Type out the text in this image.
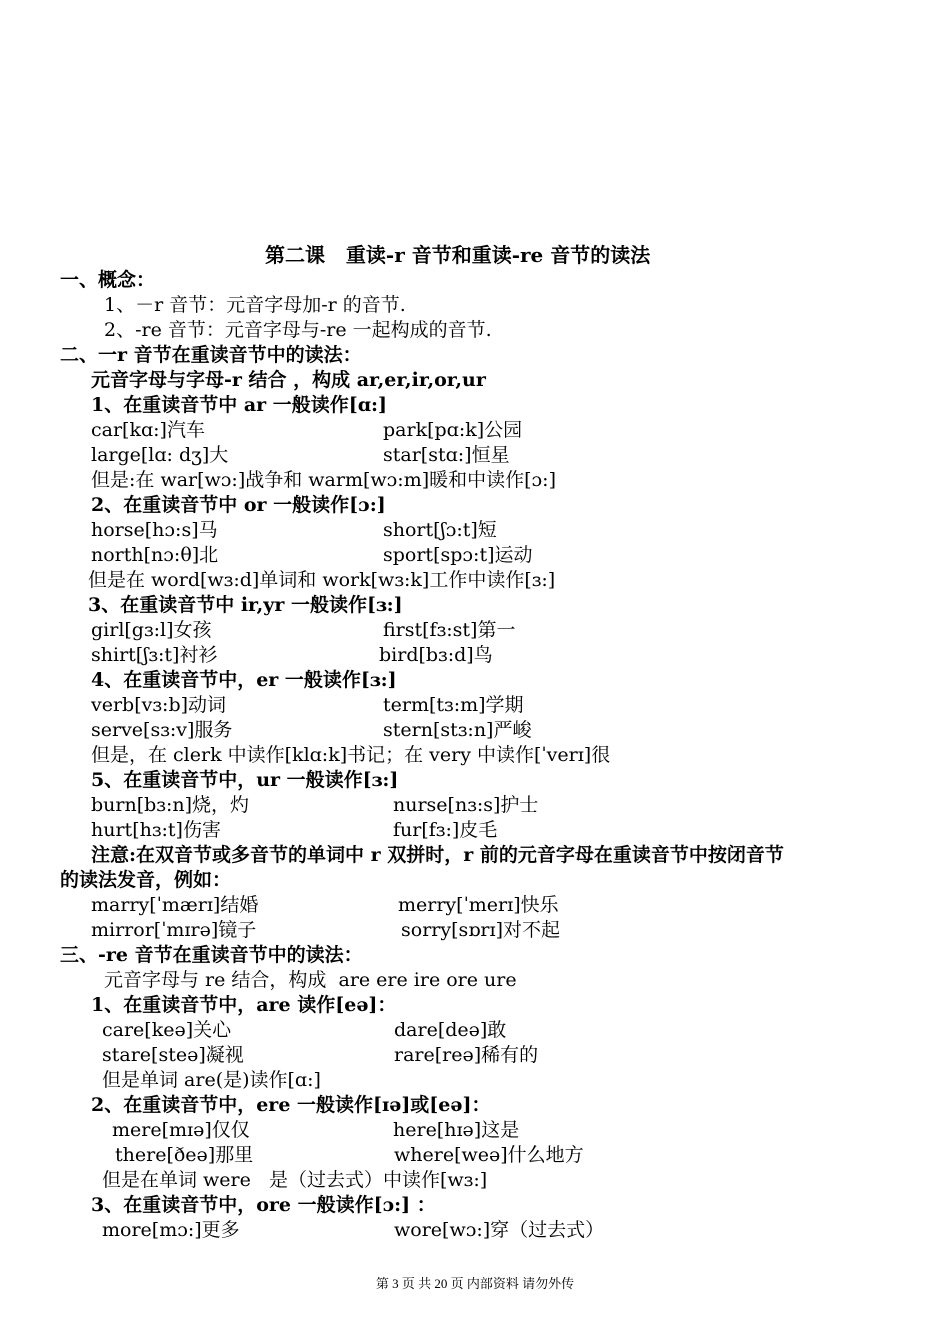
第二课   重读-r 音节和重读-re 音节的读法
一、概念：
1、－r 音节：元音字母加-r 的音节.
2、-re 音节：元音字母与-re 一起构成的音节.
二、一r 音节在重读音节中的读法：
元音字母与字母-r 结合 ，构成 ar,er,ir,or,ur
1、在重读音节中 ar 一般读作[ɑ:]
car[kɑ:]汽车	park[pɑ:k]公园
large[lɑ: dʒ]大	star[stɑ:]恒星
但是:在 war[wɔ:]战争和 warm[wɔ:m]暖和中读作[ɔ:]
2、在重读音节中 or 一般读作[ɔ:]
horse[hɔ:s]马	short[ʃɔ:t]短
north[nɔ:θ]北	sport[spɔ:t]运动
但是在 word[wɜ:d]单词和 work[wɜ:k]工作中读作[ɜ:]
3、在重读音节中 ir,yr 一般读作[ɜ:]
girl[gɜ:l]女孩	first[fɜ:st]第一
shirt[ʃɜ:t]衬衫	bird[bɜ:d]鸟
4、在重读音节中，er 一般读作[ɜ:]
verb[vɜ:b]动词	term[tɜ:m]学期
serve[sɜ:v]服务	stern[stɜ:n]严峻
但是，在 clerk 中读作[klɑ:k]书记；在 very 中读作[ˈverɪ]很
5、在重读音节中，ur 一般读作[ɜ:]
burn[bɜ:n]烧，灼	nurse[nɜ:s]护士
hurt[hɜ:t]伤害	fur[fɜ:]皮毛
注意:在双音节或多音节的单词中 r 双拼时，r 前的元音字母在重读音节中按闭音节
的读法发音，例如：
marry[ˈmærɪ]结婚	merry[ˈmerɪ]快乐
mirror[ˈmɪrə]镜子	sorry[sɒrɪ]对不起
三、-re 音节在重读音节中的读法：
元音字母与 re 结合，构成  are ere ire ore ure
1、在重读音节中，are 读作[eə]：
care[keə]关心	dare[deə]敢
stare[steə]凝视	rare[reə]稀有的
但是单词 are(是)读作[ɑ:]
2、在重读音节中，ere 一般读作[ɪə]或[eə]：
mere[mɪə]仅仅	here[hɪə]这是
there[ðeə]那里	where[weə]什么地方
但是在单词 were   是（过去式）中读作[wɜ:]
3、在重读音节中，ore 一般读作[ɔ:] ：
more[mɔ:]更多	wore[wɔ:]穿（过去式）
第 3 页 共 20 页 内部资料 请勿外传
